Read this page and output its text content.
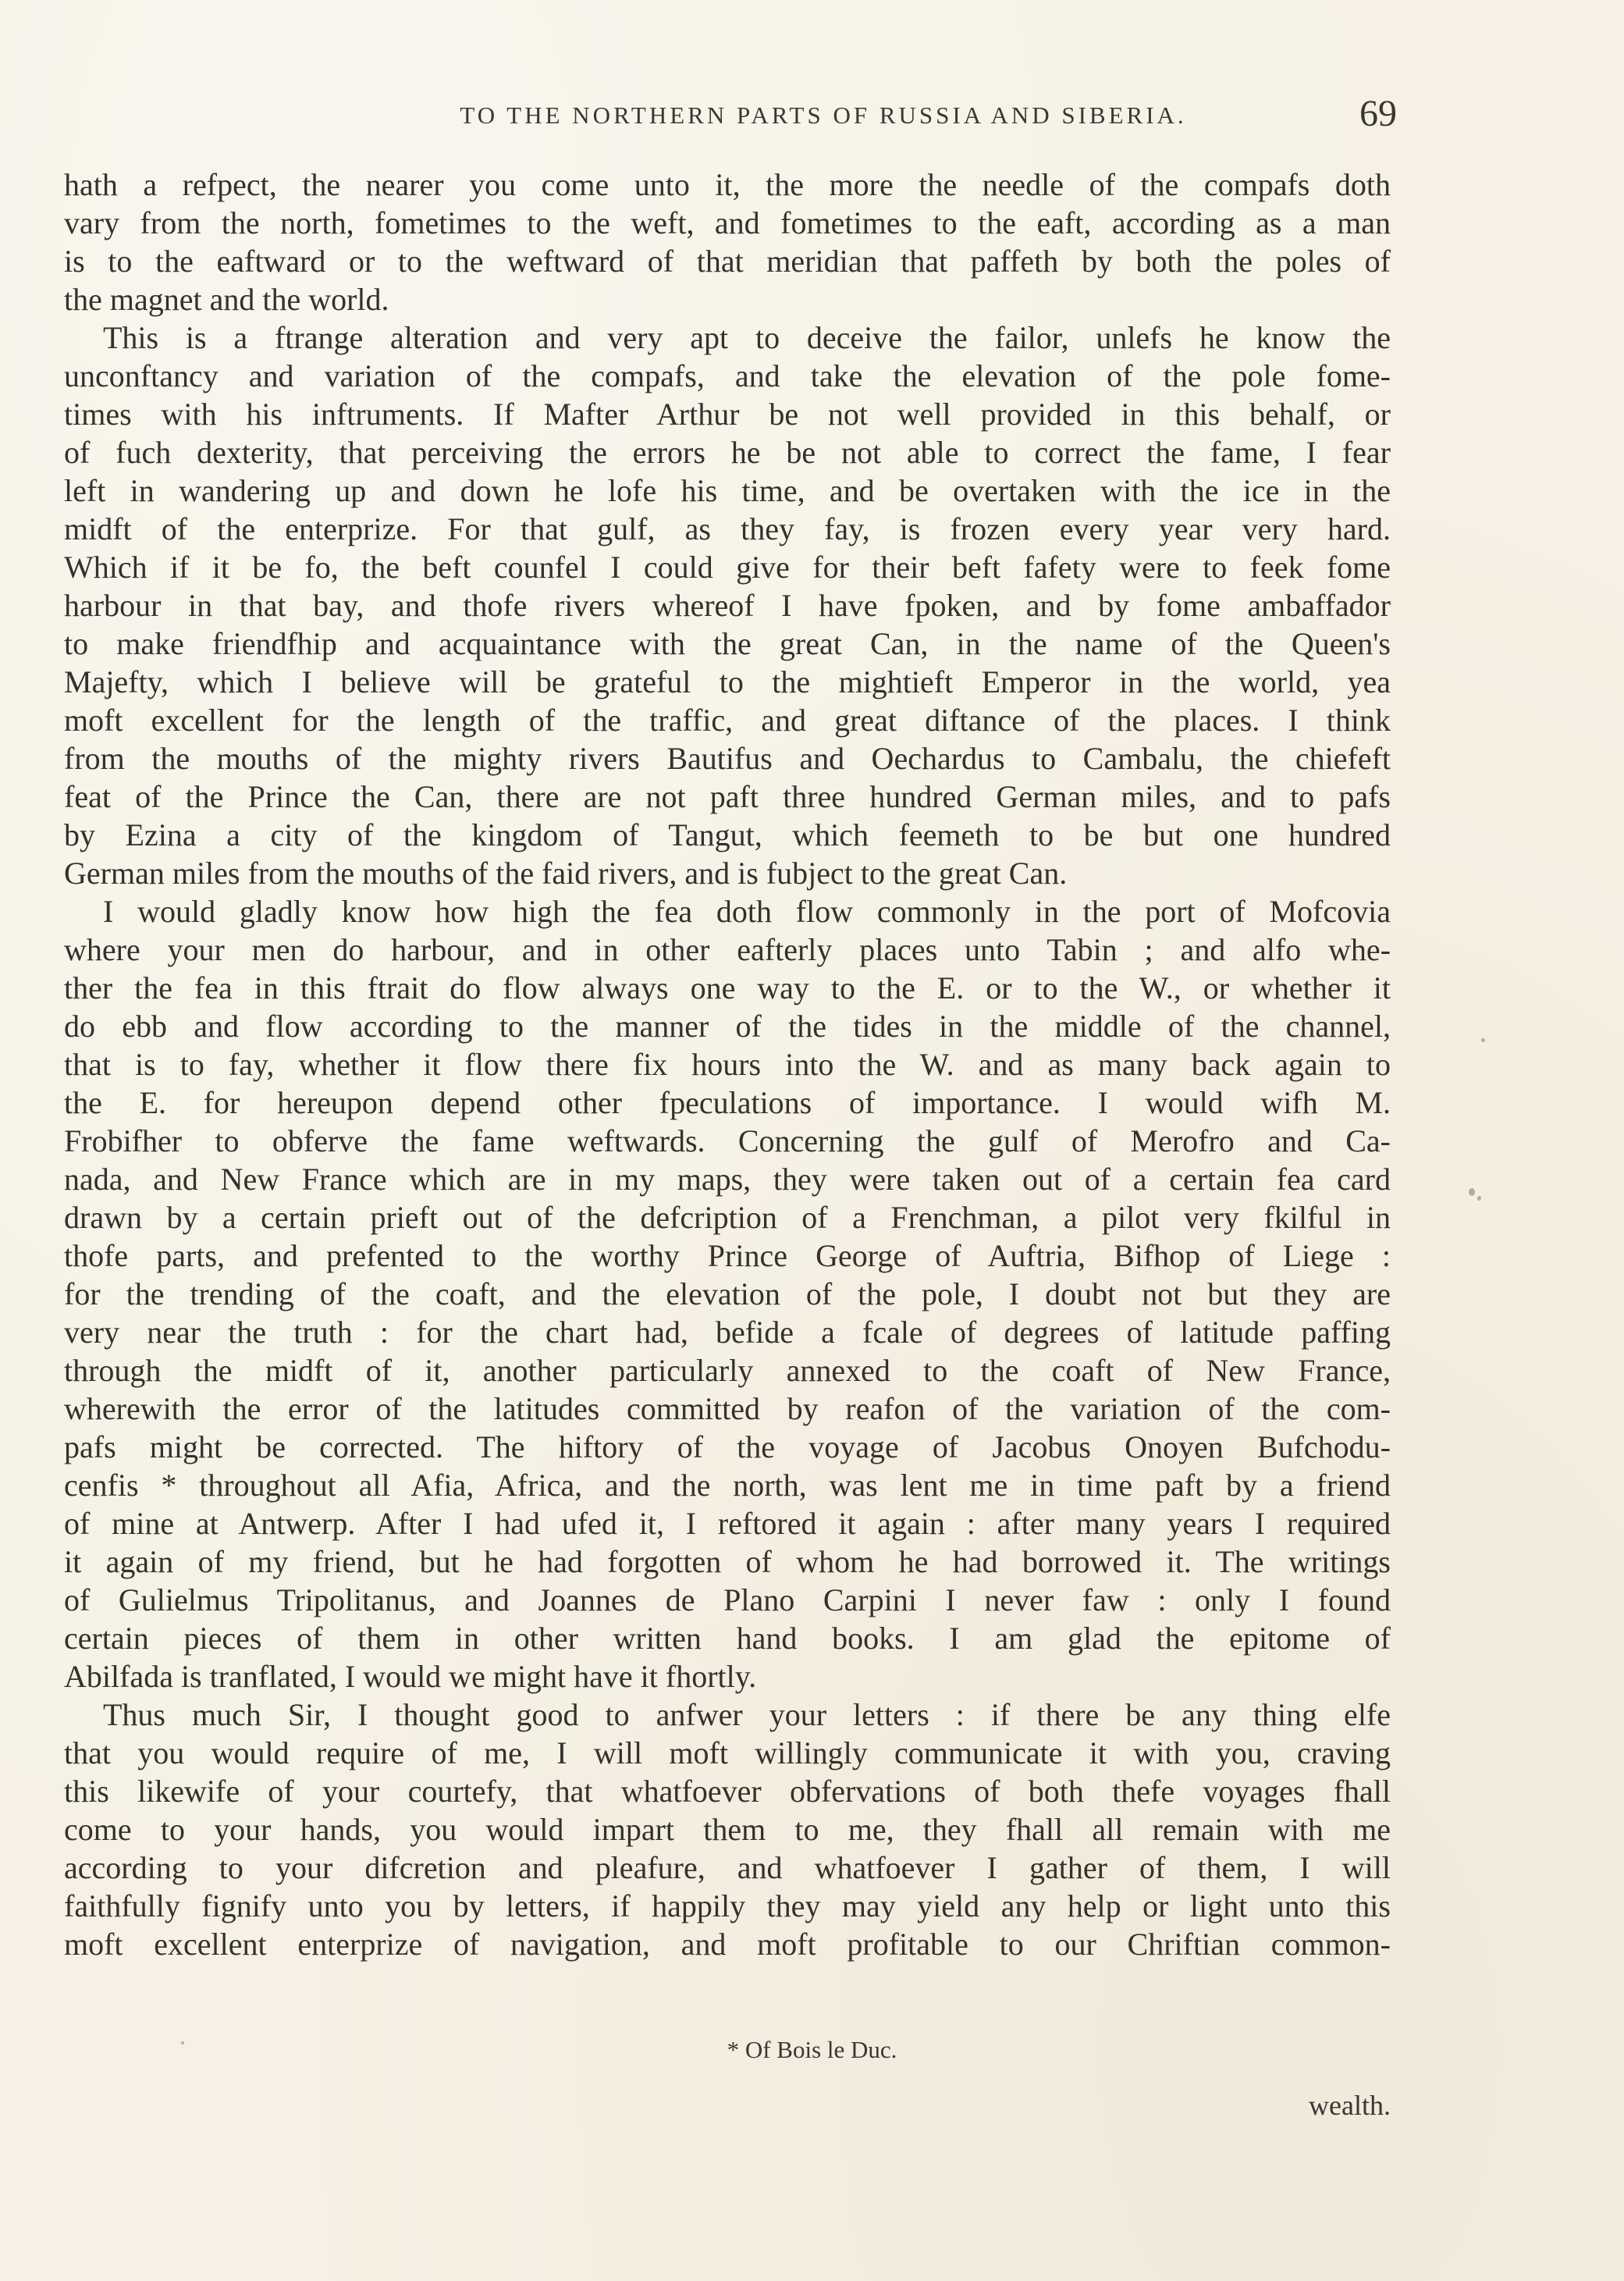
TO THE NORTHERN PARTS OF RUSSIA AND SIBERIA.	69
hath a refpect, the nearer you come unto it, the more the needle of the compafs doth
vary from the north, fometimes to the weft, and fometimes to the eaft, according as a man
is to the eaftward or to the weftward of that meridian that paffeth by both the poles of
the magnet and the world.
This is a ftrange alteration and very apt to deceive the failor, unlefs he know the
unconftancy and variation of the compafs, and take the elevation of the pole fome-
times with his inftruments. If Mafter Arthur be not well provided in this behalf, or
of fuch dexterity, that perceiving the errors he be not able to correct the fame, I fear
left in wandering up and down he lofe his time, and be overtaken with the ice in the
midft of the enterprize. For that gulf, as they fay, is frozen every year very hard.
Which if it be fo, the beft counfel I could give for their beft fafety were to feek fome
harbour in that bay, and thofe rivers whereof I have fpoken, and by fome ambaffador
to make friendfhip and acquaintance with the great Can, in the name of the Queen's
Majefty, which I believe will be grateful to the mightieft Emperor in the world, yea
moft excellent for the length of the traffic, and great diftance of the places. I think
from the mouths of the mighty rivers Bautifus and Oechardus to Cambalu, the chiefeft
feat of the Prince the Can, there are not paft three hundred German miles, and to pafs
by Ezina a city of the kingdom of Tangut, which feemeth to be but one hundred
German miles from the mouths of the faid rivers, and is fubject to the great Can.
I would gladly know how high the fea doth flow commonly in the port of Mofcovia
where your men do harbour, and in other eafterly places unto Tabin ; and alfo whe-
ther the fea in this ftrait do flow always one way to the E. or to the W., or whether it
do ebb and flow according to the manner of the tides in the middle of the channel,
that is to fay, whether it flow there fix hours into the W. and as many back again to
the E. for hereupon depend other fpeculations of importance. I would wifh M.
Frobifher to obferve the fame weftwards. Concerning the gulf of Merofro and Ca-
nada, and New France which are in my maps, they were taken out of a certain fea card
drawn by a certain prieft out of the defcription of a Frenchman, a pilot very fkilful in
thofe parts, and prefented to the worthy Prince George of Auftria, Bifhop of Liege :
for the trending of the coaft, and the elevation of the pole, I doubt not but they are
very near the truth : for the chart had, befide a fcale of degrees of latitude paffing
through the midft of it, another particularly annexed to the coaft of New France,
wherewith the error of the latitudes committed by reafon of the variation of the com-
pafs might be corrected. The hiftory of the voyage of Jacobus Onoyen Bufchodu-
cenfis * throughout all Afia, Africa, and the north, was lent me in time paft by a friend
of mine at Antwerp. After I had ufed it, I reftored it again : after many years I required
it again of my friend, but he had forgotten of whom he had borrowed it. The writings
of Gulielmus Tripolitanus, and Joannes de Plano Carpini I never faw : only I found
certain pieces of them in other written hand books. I am glad the epitome of
Abilfada is tranflated, I would we might have it fhortly.
Thus much Sir, I thought good to anfwer your letters : if there be any thing elfe
that you would require of me, I will moft willingly communicate it with you, craving
this likewife of your courtefy, that whatfoever obfervations of both thefe voyages fhall
come to your hands, you would impart them to me, they fhall all remain with me
according to your difcretion and pleafure, and whatfoever I gather of them, I will
faithfully fignify unto you by letters, if happily they may yield any help or light unto this
moft excellent enterprize of navigation, and moft profitable to our Chriftian common-
* Of Bois le Duc.
wealth.
